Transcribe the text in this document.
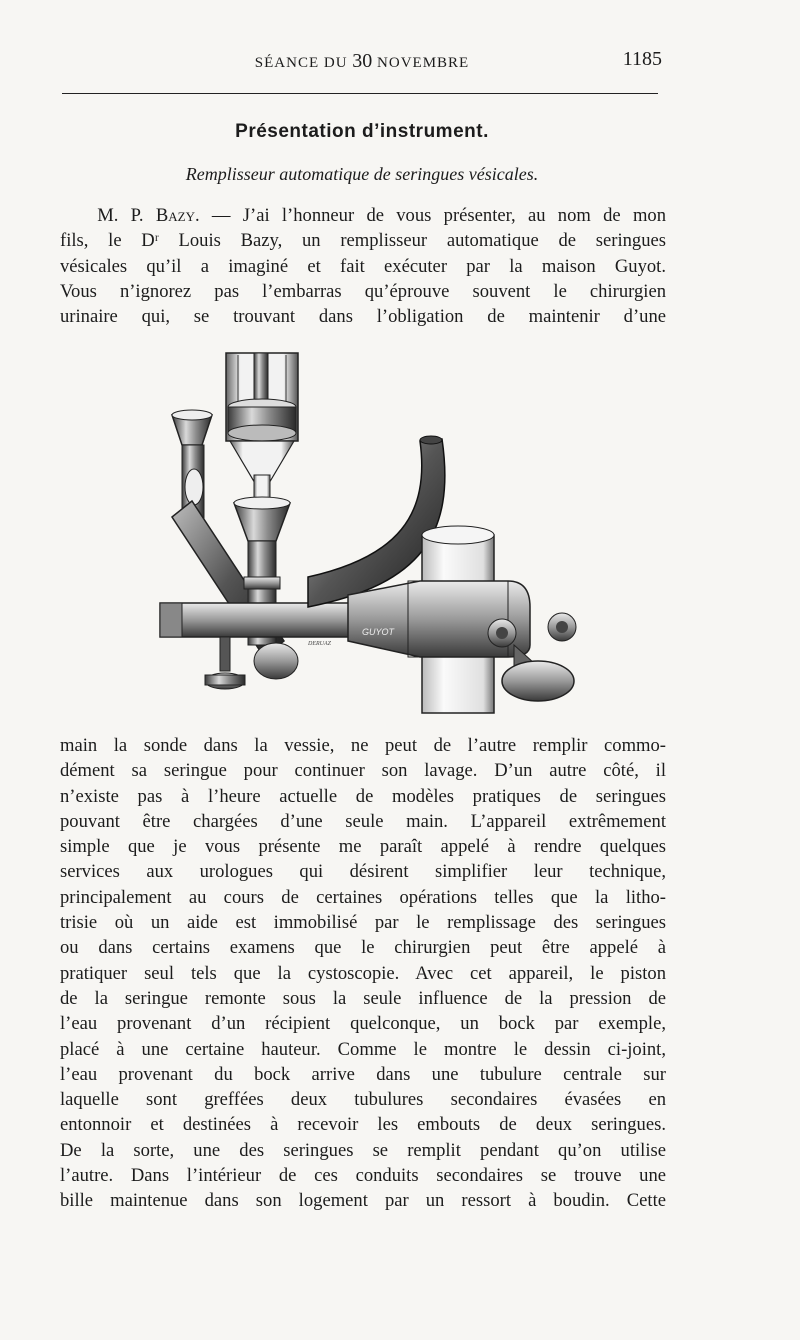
SÉANCE DU 30 NOVEMBRE	1185
Présentation d’instrument.
Remplisseur automatique de seringues vésicales.
  M. P. Bazy. — J’ai l’honneur de vous présenter, au nom de mon
fils, le Dʳ Louis Bazy, un remplisseur automatique de seringues
vésicales qu’il a imaginé et fait exécuter par la maison Guyot.
Vous n’ignorez pas l’embarras qu’éprouve souvent le chirurgien
urinaire qui, se trouvant dans l’obligation de maintenir d’une
GUYOT
DERUAZ
main la sonde dans la vessie, ne peut de l’autre remplir commo-
dément sa seringue pour continuer son lavage. D’un autre côté, il
n’existe pas à l’heure actuelle de modèles pratiques de seringues
pouvant être chargées d’une seule main. L’appareil extrêmement
simple que je vous présente me paraît appelé à rendre quelques
services aux urologues qui désirent simplifier leur technique,
principalement au cours de certaines opérations telles que la litho-
trisie où un aide est immobilisé par le remplissage des seringues
ou dans certains examens que le chirurgien peut être appelé à
pratiquer seul tels que la cystoscopie. Avec cet appareil, le piston
de la seringue remonte sous la seule influence de la pression de
l’eau provenant d’un récipient quelconque, un bock par exemple,
placé à une certaine hauteur. Comme le montre le dessin ci-joint,
l’eau provenant du bock arrive dans une tubulure centrale sur
laquelle sont greffées deux tubulures secondaires évasées en
entonnoir et destinées à recevoir les embouts de deux seringues.
De la sorte, une des seringues se remplit pendant qu’on utilise
l’autre. Dans l’intérieur de ces conduits secondaires se trouve une
bille maintenue dans son logement par un ressort à boudin. Cette
